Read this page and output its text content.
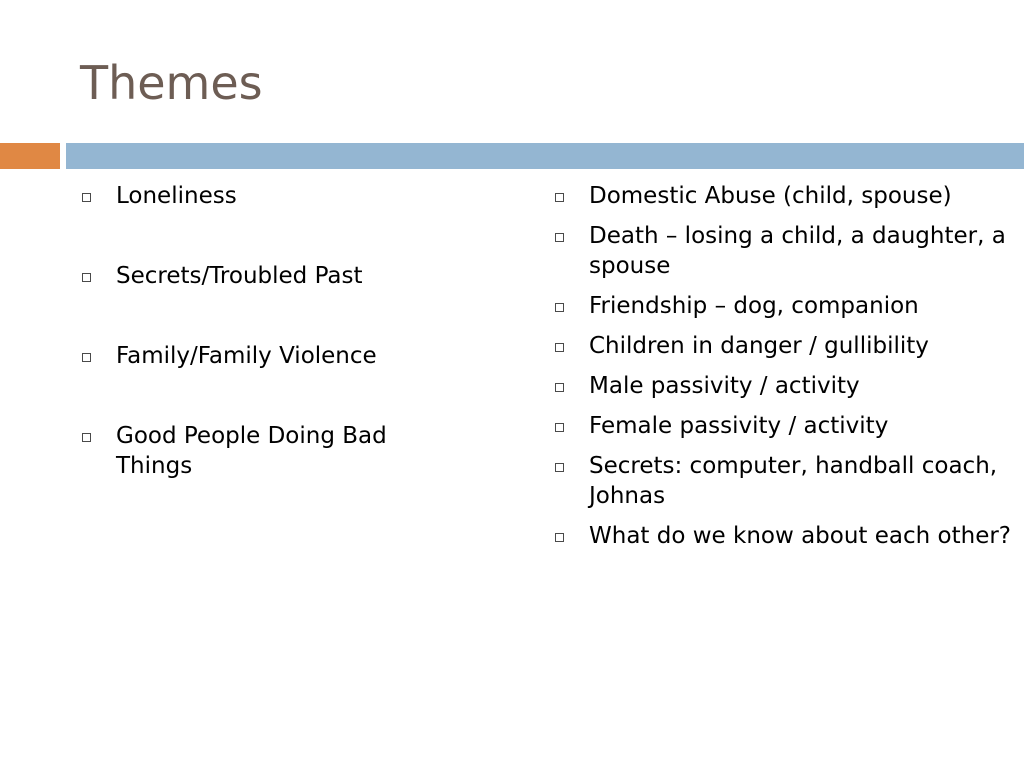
Themes
Loneliness
Secrets/Troubled Past
Family/Family Violence
Good People Doing Bad Things
Domestic Abuse (child, spouse)
Death – losing a child, a daughter, a spouse
Friendship – dog, companion
Children in danger / gullibility
Male passivity / activity
Female passivity / activity
Secrets: computer, handball coach, Johnas
What do we know about each other?
